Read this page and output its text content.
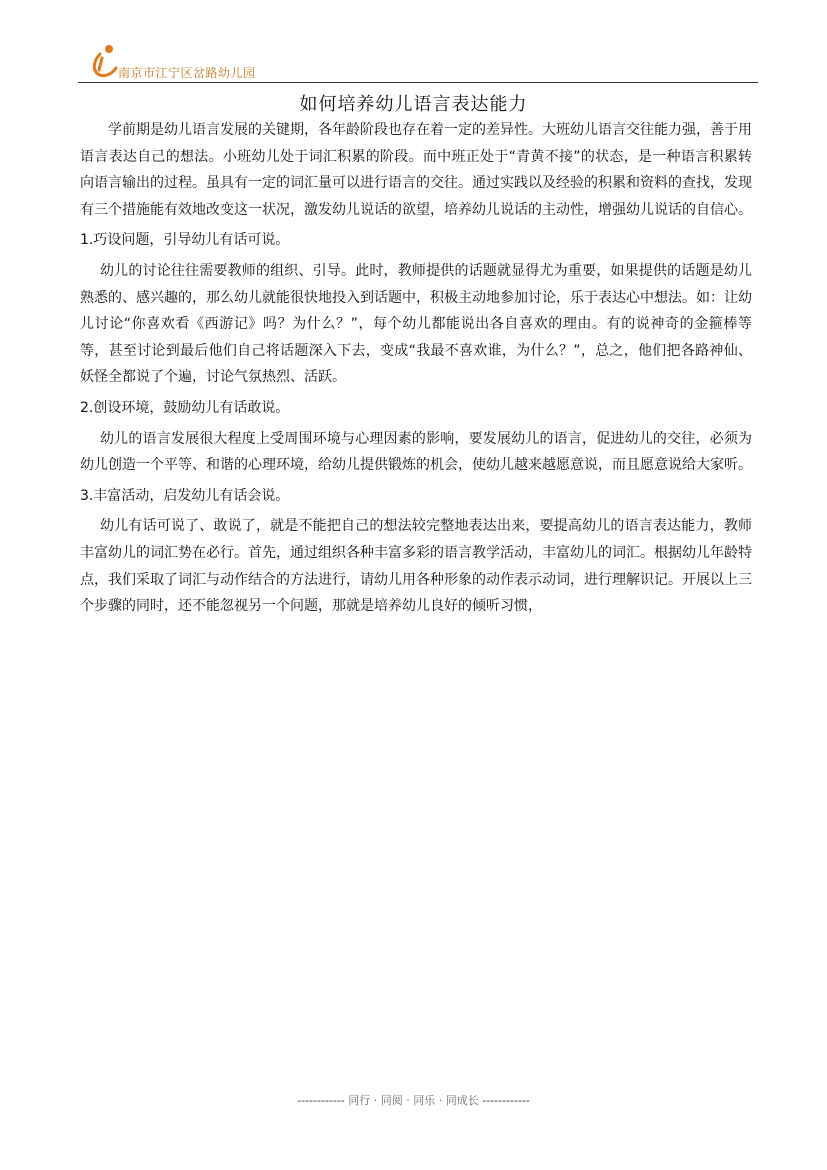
南京市江宁区岔路幼儿园
如何培养幼儿语言表达能力

学前期是幼儿语言发展的关键期，各年龄阶段也存在着一定的差异性。大班幼儿语言交往能力强，善于用语言表达自己的想法。小班幼儿处于词汇积累的阶段。而中班正处于“青黄不接”的状态，是一种语言积累转向语言输出的过程。虽具有一定的词汇量可以进行语言的交往。通过实践以及经验的积累和资料的查找，发现有三个措施能有效地改变这一状况，激发幼儿说话的欲望，培养幼儿说话的主动性，增强幼儿说话的自信心。

1.巧设问题，引导幼儿有话可说。

幼儿的讨论往往需要教师的组织、引导。此时，教师提供的话题就显得尤为重要，如果提供的话题是幼儿熟悉的、感兴趣的，那么幼儿就能很快地投入到话题中，积极主动地参加讨论，乐于表达心中想法。如：让幼儿讨论“你喜欢看《西游记》吗？为什么？”，每个幼儿都能说出各自喜欢的理由。有的说神奇的金箍棒等等，甚至讨论到最后他们自己将话题深入下去，变成“我最不喜欢谁，为什么？”，总之，他们把各路神仙、妖怪全都说了个遍，讨论气氛热烈、活跃。

2.创设环境，鼓励幼儿有话敢说。

幼儿的语言发展很大程度上受周围环境与心理因素的影响，要发展幼儿的语言，促进幼儿的交往，必须为幼儿创造一个平等、和谐的心理环境，给幼儿提供锻炼的机会，使幼儿越来越愿意说，而且愿意说给大家听。

3.丰富活动，启发幼儿有话会说。

幼儿有话可说了、敢说了，就是不能把自己的想法较完整地表达出来，要提高幼儿的语言表达能力，教师丰富幼儿的词汇势在必行。首先，通过组织各种丰富多彩的语言教学活动，丰富幼儿的词汇。根据幼儿年龄特点，我们采取了词汇与动作结合的方法进行，请幼儿用各种形象的动作表示动词，进行理解识记。开展以上三个步骤的同时，还不能忽视另一个问题，那就是培养幼儿良好的倾听习惯，

------------ 同行 · 同阅 · 同乐 · 同成长 ------------
